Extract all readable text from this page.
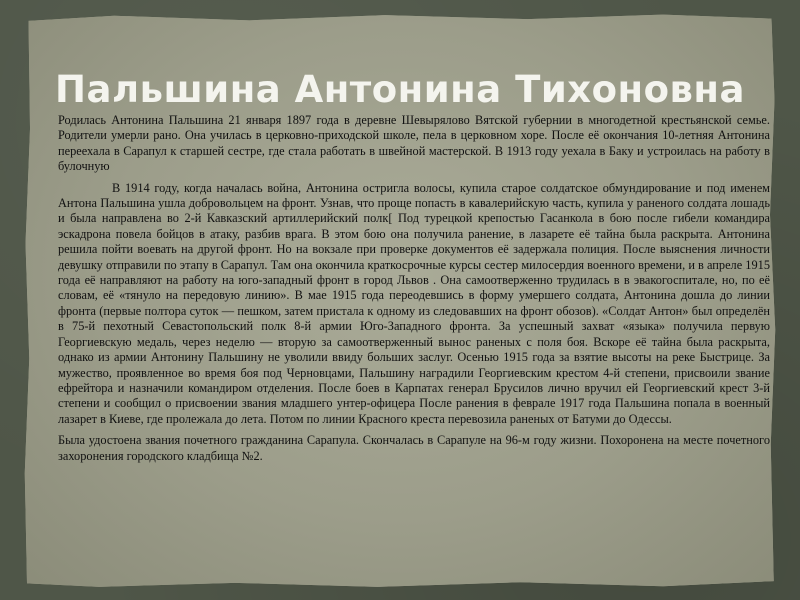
Пальшина Антонина Тихоновна

Родилась Антонина Пальшина 21 января 1897 года в деревне Шевырялово Вятской губернии в многодетной крестьянской семье. Родители умерли рано. Она училась в церковно-приходской школе, пела в церковном хоре. После её окончания 10-летняя Антонина переехала в Сарапул к старшей сестре, где стала работать в швейной мастерской. В 1913 году уехала в Баку и устроилась на работу в булочную

В 1914 году, когда началась война, Антонина остригла волосы, купила старое солдатское обмундирование и под именем Антона Пальшина ушла добровольцем на фронт. Узнав, что проще попасть в кавалерийскую часть, купила у раненого солдата лошадь и была направлена во 2-й Кавказский артиллерийский полк[ Под турецкой крепостью Гасанкола в бою после гибели командира эскадрона повела бойцов в атаку, разбив врага. В этом бою она получила ранение, в лазарете её тайна была раскрыта. Антонина решила пойти воевать на другой фронт. Но на вокзале при проверке документов её задержала полиция. После выяснения личности девушку отправили по этапу в Сарапул. Там она окончила краткосрочные курсы сестер милосердия военного времени, и в апреле 1915 года её направляют на работу на юго-западный фронт в город Львов . Она самоотверженно трудилась в в эвакогоспитале, но, по её словам, её «тянуло на передовую линию». В мае 1915 года переодевшись в форму умершего солдата, Антонина дошла до линии фронта (первые полтора суток — пешком, затем пристала к одному из следовавших на фронт обозов). «Солдат Антон» был определён в 75-й пехотный Севастопольский полк 8-й армии Юго-Западного фронта. За успешный захват «языка» получила первую Георгиевскую медаль, через неделю — вторую за самоотверженный вынос раненых с поля боя. Вскоре её тайна была раскрыта, однако из армии Антонину Пальшину не уволили ввиду больших заслуг. Осенью 1915 года за взятие высоты на реке Быстрице. За мужество, проявленное во время боя под Черновцами, Пальшину наградили Георгиевским крестом 4-й степени, присвоили звание ефрейтора и назначили командиром отделения. После боев в Карпатах генерал Брусилов лично вручил ей Георгиевский крест 3-й степени и сообщил о присвоении звания младшего унтер-офицера После ранения в феврале 1917 года Пальшина попала в военный лазарет в Киеве, где пролежала до лета. Потом по линии Красного креста перевозила раненых от Батуми до Одессы.

Была удостоена звания почетного гражданина Сарапула. Скончалась в Сарапуле на 96-м году жизни. Похоронена на месте почетного захоронения городского кладбища №2.
